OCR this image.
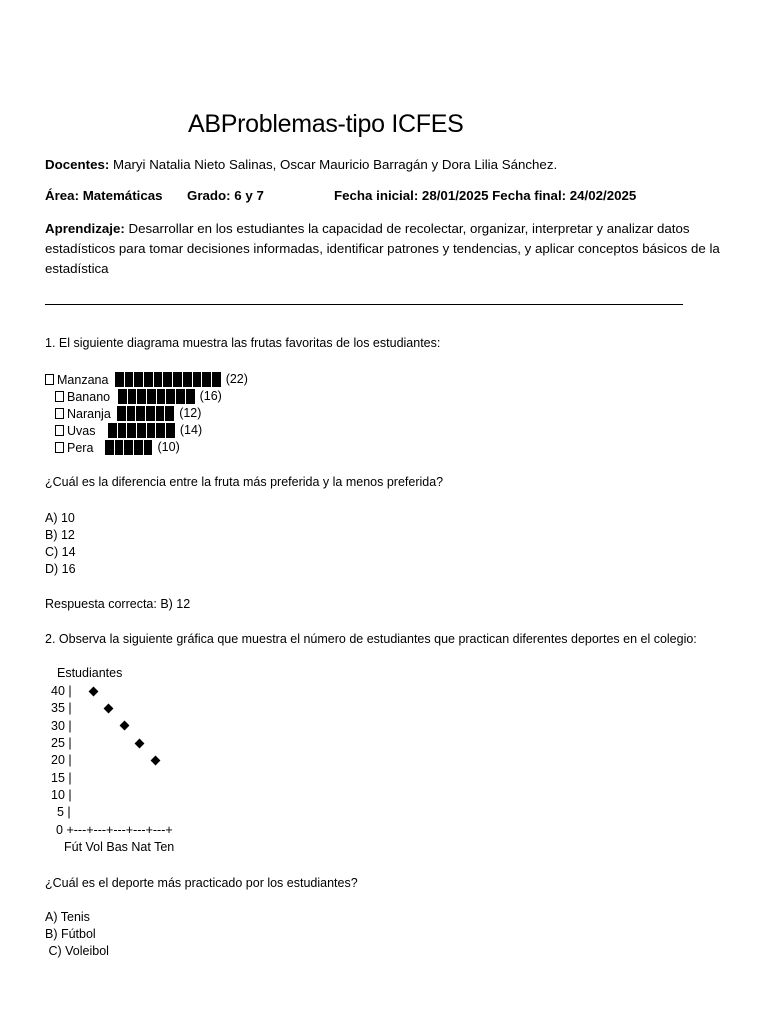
ABProblemas-tipo ICFES
Docentes: Maryi Natalia Nieto Salinas, Oscar Mauricio Barragán y Dora Lilia Sánchez.
Área: Matemáticas Grado: 6 y 7	Fecha inicial: 28/01/2025 Fecha final: 24/02/2025
Aprendizaje: Desarrollar en los estudiantes la capacidad de recolectar, organizar, interpretar y analizar datos estadísticos para tomar decisiones informadas, identificar patrones y tendencias, y aplicar conceptos básicos de la estadística
1. El siguiente diagrama muestra las frutas favoritas de los estudiantes:
Manzana	(22)
Banano	(16)
Naranja	(12)
Uvas	(14)
Pera	(10)
¿Cuál es la diferencia entre la fruta más preferida y la menos preferida?
A) 10
B) 12
C) 14
D) 16
Respuesta correcta: B) 12
2. Observa la siguiente gráfica que muestra el número de estudiantes que practican diferentes deportes en el colegio:
Estudiantes
0 +---+---+---+---+---+
Fút Vol Bas Nat Ten
40 |
35 |
30 |
25 |
20 |
15 |
10 |
5 |
¿Cuál es el deporte más practicado por los estudiantes?
A) Tenis
B) Fútbol
C) Voleibol
